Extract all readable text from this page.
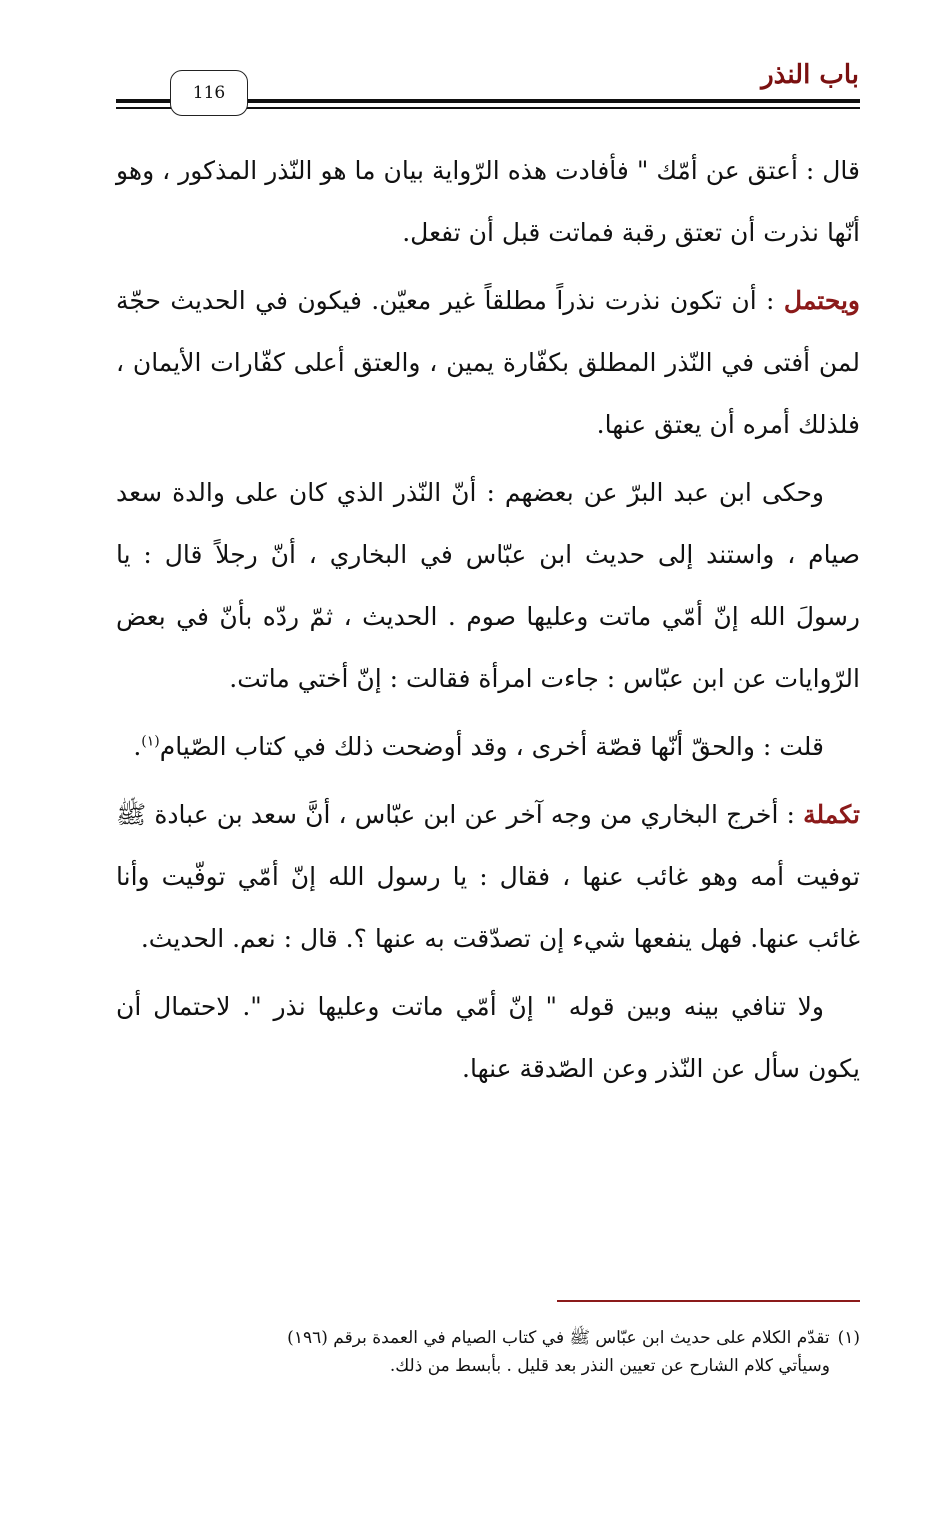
باب النذر
116

قال : أعتق عن أمّك " فأفادت هذه الرّواية بيان ما هو النّذر المذكور ، وهو أنّها نذرت أن تعتق رقبة فماتت قبل أن تفعل.

ويحتمل : أن تكون نذرت نذراً مطلقاً غير معيّن. فيكون في الحديث حجّة لمن أفتى في النّذر المطلق بكفّارة يمين ، والعتق أعلى كفّارات الأيمان ، فلذلك أمره أن يعتق عنها.

وحكى ابن عبد البرّ عن بعضهم : أنّ النّذر الذي كان على والدة سعد صيام ، واستند إلى حديث ابن عبّاس في البخاري ، أنّ رجلاً قال : يا رسولَ الله إنّ أمّي ماتت وعليها صوم . الحديث ، ثمّ ردّه بأنّ في بعض الرّوايات عن ابن عبّاس : جاءت امرأة فقالت : إنّ أختي ماتت.

قلت : والحقّ أنّها قصّة أخرى ، وقد أوضحت ذلك في كتاب الصّيام$^{(١)}$.

تكملة : أخرج البخاري من وجه آخر عن ابن عبّاس ، أنَّ سعد بن عبادة ﷺ توفيت أمه وهو غائب عنها ، فقال : يا رسول الله إنّ أمّي توفّيت وأنا غائب عنها. فهل ينفعها شيء إن تصدّقت به عنها ؟. قال : نعم. الحديث.

ولا تنافي بينه وبين قوله " إنّ أمّي ماتت وعليها نذر ". لاحتمال أن يكون سأل عن النّذر وعن الصّدقة عنها.

(١)تقدّم الكلام على حديث ابن عبّاس ﷺ في كتاب الصيام في العمدة برقم (١٩٦)
وسيأتي كلام الشارح عن تعيين النذر بعد قليل . بأبسط من ذلك.
